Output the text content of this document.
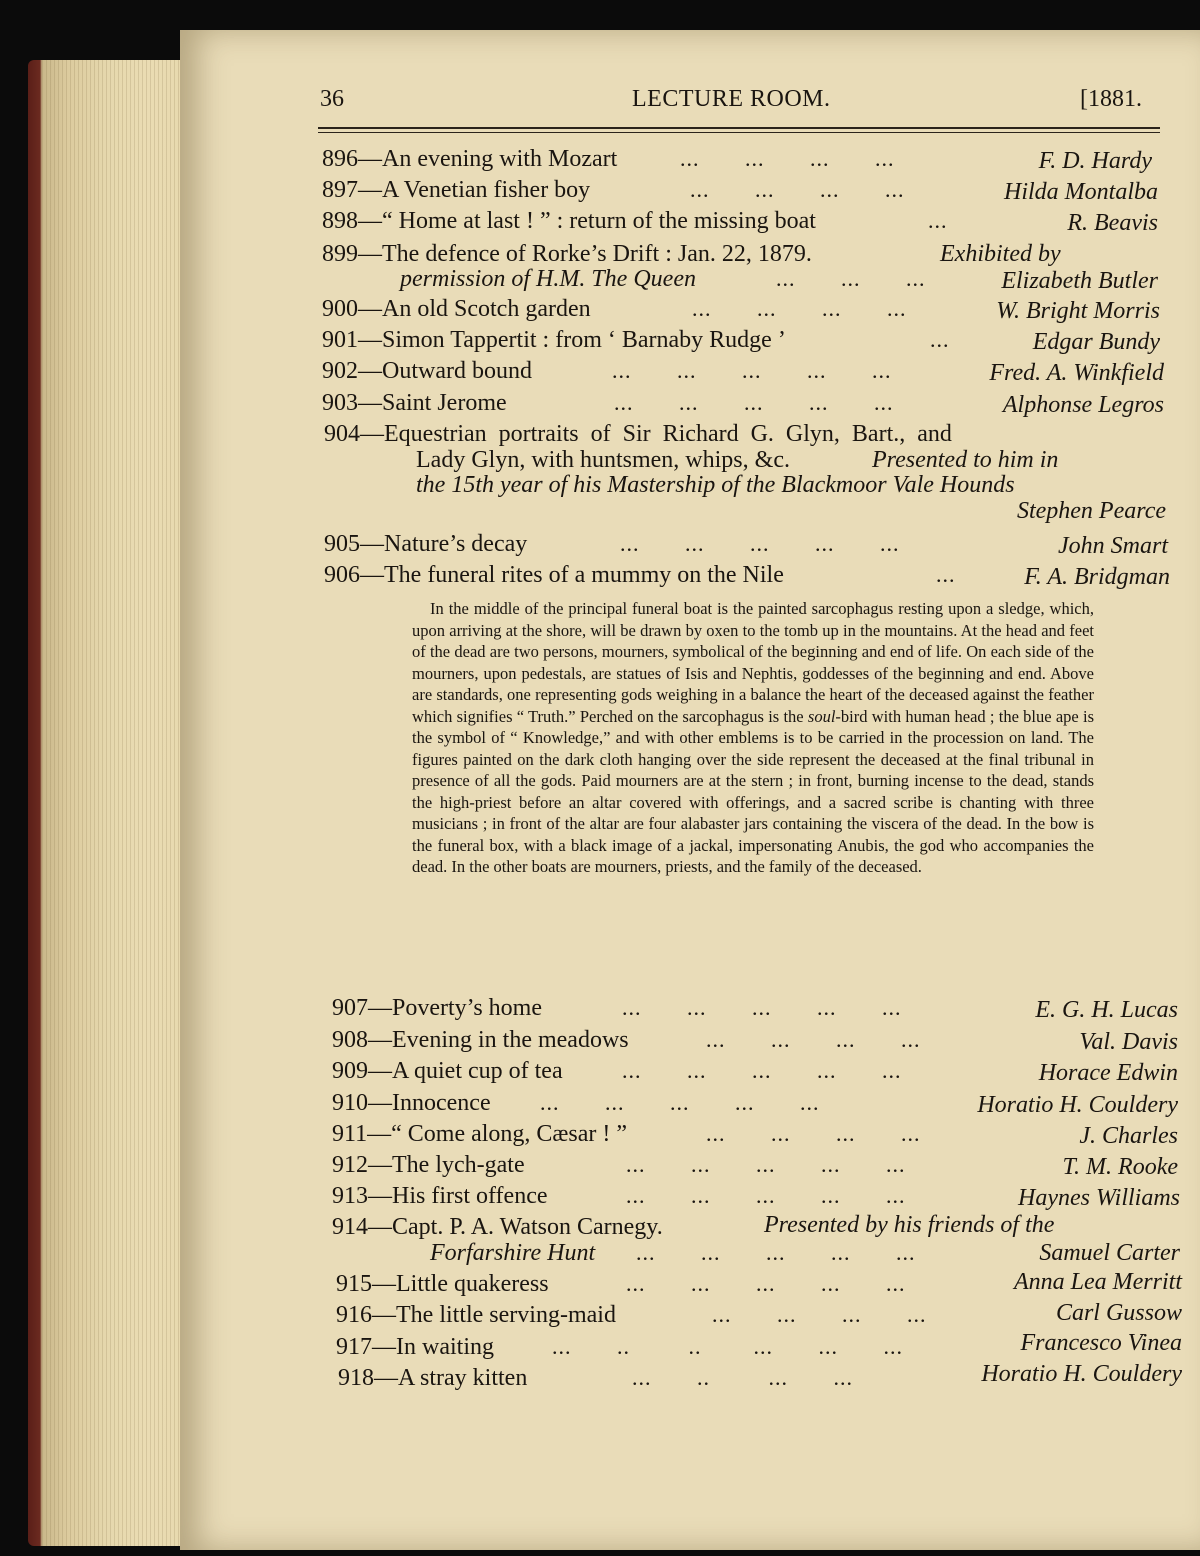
36	LECTURE ROOM.	[1881.
896—An evening with Mozart	...       ...       ...       ...	F. D. Hardy
897—A Venetian fisher boy	...       ...       ...       ...	Hilda Montalba
898—“ Home at last ! ” : return of the missing boat	...	R. Beavis
899—The defence of Rorke’s Drift : Jan. 22, 1879.	Exhibited by
permission of H.M. The Queen	...       ...       ...	Elizabeth Butler
900—An old Scotch garden	...       ...       ...       ...	W. Bright Morris
901—Simon Tappertit : from ‘ Barnaby Rudge ’	...	Edgar Bundy
902—Outward bound	...       ...       ...       ...       ...	Fred. A. Winkfield
903—Saint Jerome	...       ...       ...       ...       ...	Alphonse Legros
904—Equestrian portraits of Sir Richard G. Glyn, Bart., and
Lady Glyn, with huntsmen, whips, &c.	Presented to him in
the 15th year of his Mastership of the Blackmoor Vale Hounds
Stephen Pearce
905—Nature’s decay	...       ...       ...       ...       ...	John Smart
906—The funeral rites of a mummy on the Nile	...	F. A. Bridgman
In the middle of the principal funeral boat is the painted sarcophagus resting upon a sledge, which, upon arriving at the shore, will be drawn by oxen to the tomb up in the mountains. At the head and feet of the dead are two persons, mourners, symbolical of the beginning and end of life. On each side of the mourners, upon pedestals, are statues of Isis and Nephtis, goddesses of the beginning and end. Above are standards, one representing gods weighing in a balance the heart of the deceased against the feather which signifies “ Truth.” Perched on the sarcophagus is the soul-bird with human head ; the blue ape is the symbol of “ Knowledge,” and with other emblems is to be carried in the procession on land. The figures painted on the dark cloth hanging over the side represent the deceased at the final tribunal in presence of all the gods. Paid mourners are at the stern ; in front, burning incense to the dead, stands the high-priest before an altar covered with offerings, and a sacred scribe is chanting with three musicians ; in front of the altar are four alabaster jars containing the viscera of the dead. In the bow is the funeral box, with a black image of a jackal, impersonating Anubis, the god who accompanies the dead. In the other boats are mourners, priests, and the family of the deceased.
907—Poverty’s home	...       ...       ...       ...       ...	E. G. H. Lucas
908—Evening in the meadows	...       ...       ...       ...	Val. Davis
909—A quiet cup of tea	...       ...       ...       ...       ...	Horace Edwin
910—Innocence ...       ...       ...       ...       ...	Horatio H. Couldery
911—“ Come along, Cæsar ! ”	...       ...       ...       ...	J. Charles
912—The lych-gate	...       ...       ...       ...       ...	T. M. Rooke
913—His first offence	...       ...       ...       ...       ...	Haynes Williams
914—Capt. P. A. Watson Carnegy.	Presented by his friends of the
Forfarshire Hunt ...       ...       ...       ...       ...	Samuel Carter
915—Little quakeress	...       ...       ...       ...       ...	Anna Lea Merritt
916—The little serving-maid	...       ...       ...       ...	Carl Gussow
917—In waiting	...       ..         ..        ...       ...       ...	Francesco Vinea
918—A stray kitten	...       ..         ...       ...	Horatio H. Couldery
